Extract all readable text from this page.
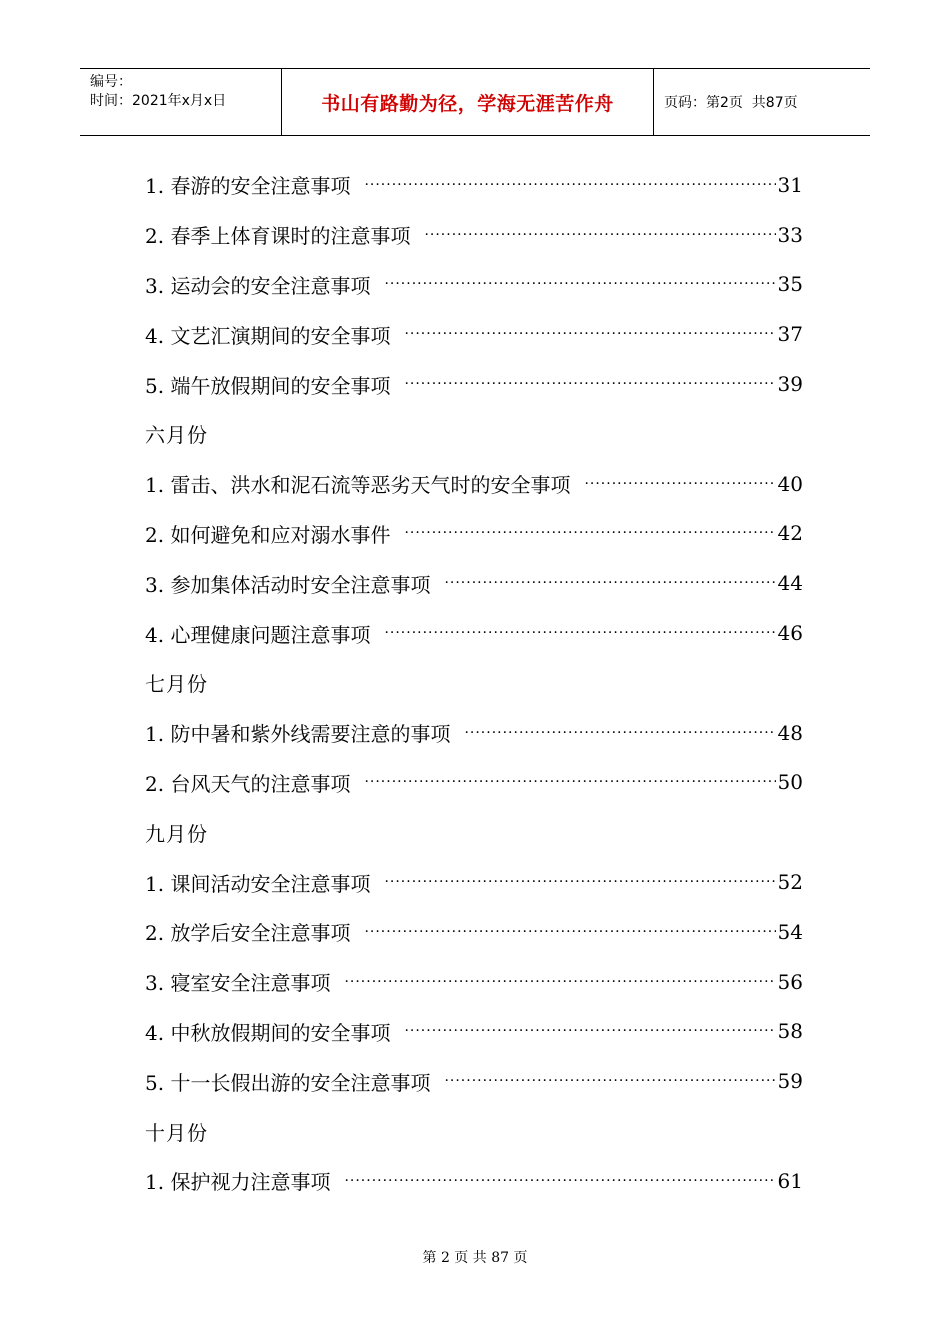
编号：
时间：2021年x月x日	书山有路勤为径，学海无涯苦作舟	页码：第2页  共87页
1. 春游的安全注意事项 ·····	31
2. 春季上体育课时的注意事项 ·····	33
3. 运动会的安全注意事项 ·····	35
4. 文艺汇演期间的安全事项 ·····	37
5. 端午放假期间的安全事项 ·····	39
六月份
1. 雷击、洪水和泥石流等恶劣天气时的安全事项 ·····	40
2. 如何避免和应对溺水事件 ·····	42
3. 参加集体活动时安全注意事项 ·····	44
4. 心理健康问题注意事项 ·····	46
七月份
1. 防中暑和紫外线需要注意的事项 ·····	48
2. 台风天气的注意事项 ·····	50
九月份
1. 课间活动安全注意事项 ·····	52
2. 放学后安全注意事项 ·····	54
3. 寝室安全注意事项 ·····	56
4. 中秋放假期间的安全事项 ·····	58
5. 十一长假出游的安全注意事项 ·····	59
十月份
1. 保护视力注意事项 ·····	61
第 2 页 共 87 页
